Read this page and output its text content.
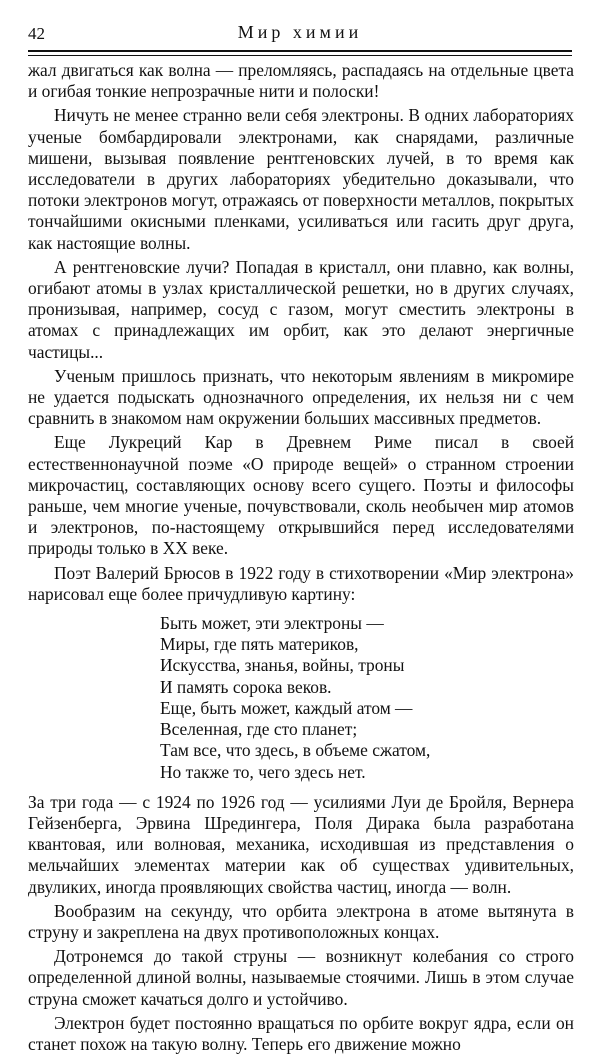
42	Мир химии

жал двигаться как волна — преломляясь, распадаясь на отдельные цвета и огибая тонкие непрозрачные нити и полоски!

Ничуть не менее странно вели себя электроны. В одних лабораториях ученые бомбардировали электронами, как снарядами, различные мишени, вызывая появление рентгеновских лучей, в то время как исследователи в других лабораториях убедительно доказывали, что потоки электронов могут, отражаясь от поверхности металлов, покрытых тончайшими окисными пленками, усиливаться или гасить друг друга, как настоящие волны.

А рентгеновские лучи? Попадая в кристалл, они плавно, как волны, огибают атомы в узлах кристаллической решетки, но в других случаях, пронизывая, например, сосуд с газом, могут сместить электроны в атомах с принадлежащих им орбит, как это делают энергичные частицы...

Ученым пришлось признать, что некоторым явлениям в микромире не удается подыскать однозначного определения, их нельзя ни с чем сравнить в знакомом нам окружении больших массивных предметов.

Еще Лукреций Кар в Древнем Риме писал в своей естественнонаучной поэме «О природе вещей» о странном строении микрочастиц, составляющих основу всего сущего. Поэты и философы раньше, чем многие ученые, почувствовали, сколь необычен мир атомов и электронов, по-настоящему открывшийся перед исследователями природы только в XX веке.

Поэт Валерий Брюсов в 1922 году в стихотворении «Мир электрона» нарисовал еще более причудливую картину:

Быть может, эти электроны —
Миры, где пять материков,
Искусства, знанья, войны, троны
И память сорока веков.
Еще, быть может, каждый атом —
Вселенная, где сто планет;
Там все, что здесь, в объеме сжатом,
Но также то, чего здесь нет.

За три года — с 1924 по 1926 год — усилиями Луи де Бройля, Вернера Гейзенберга, Эрвина Шредингера, Поля Дирака была разработана квантовая, или волновая, механика, исходившая из представления о мельчайших элементах материи как об существах удивительных, двуликих, иногда проявляющих свойства частиц, иногда — волн.

Вообразим на секунду, что орбита электрона в атоме вытянута в струну и закреплена на двух противоположных концах.

Дотронемся до такой струны — возникнут колебания со строго определенной длиной волны, называемые стоячими. Лишь в этом случае струна сможет качаться долго и устойчиво.

Электрон будет постоянно вращаться по орбите вокруг ядра, если он станет похож на такую волну. Теперь его движение можно
